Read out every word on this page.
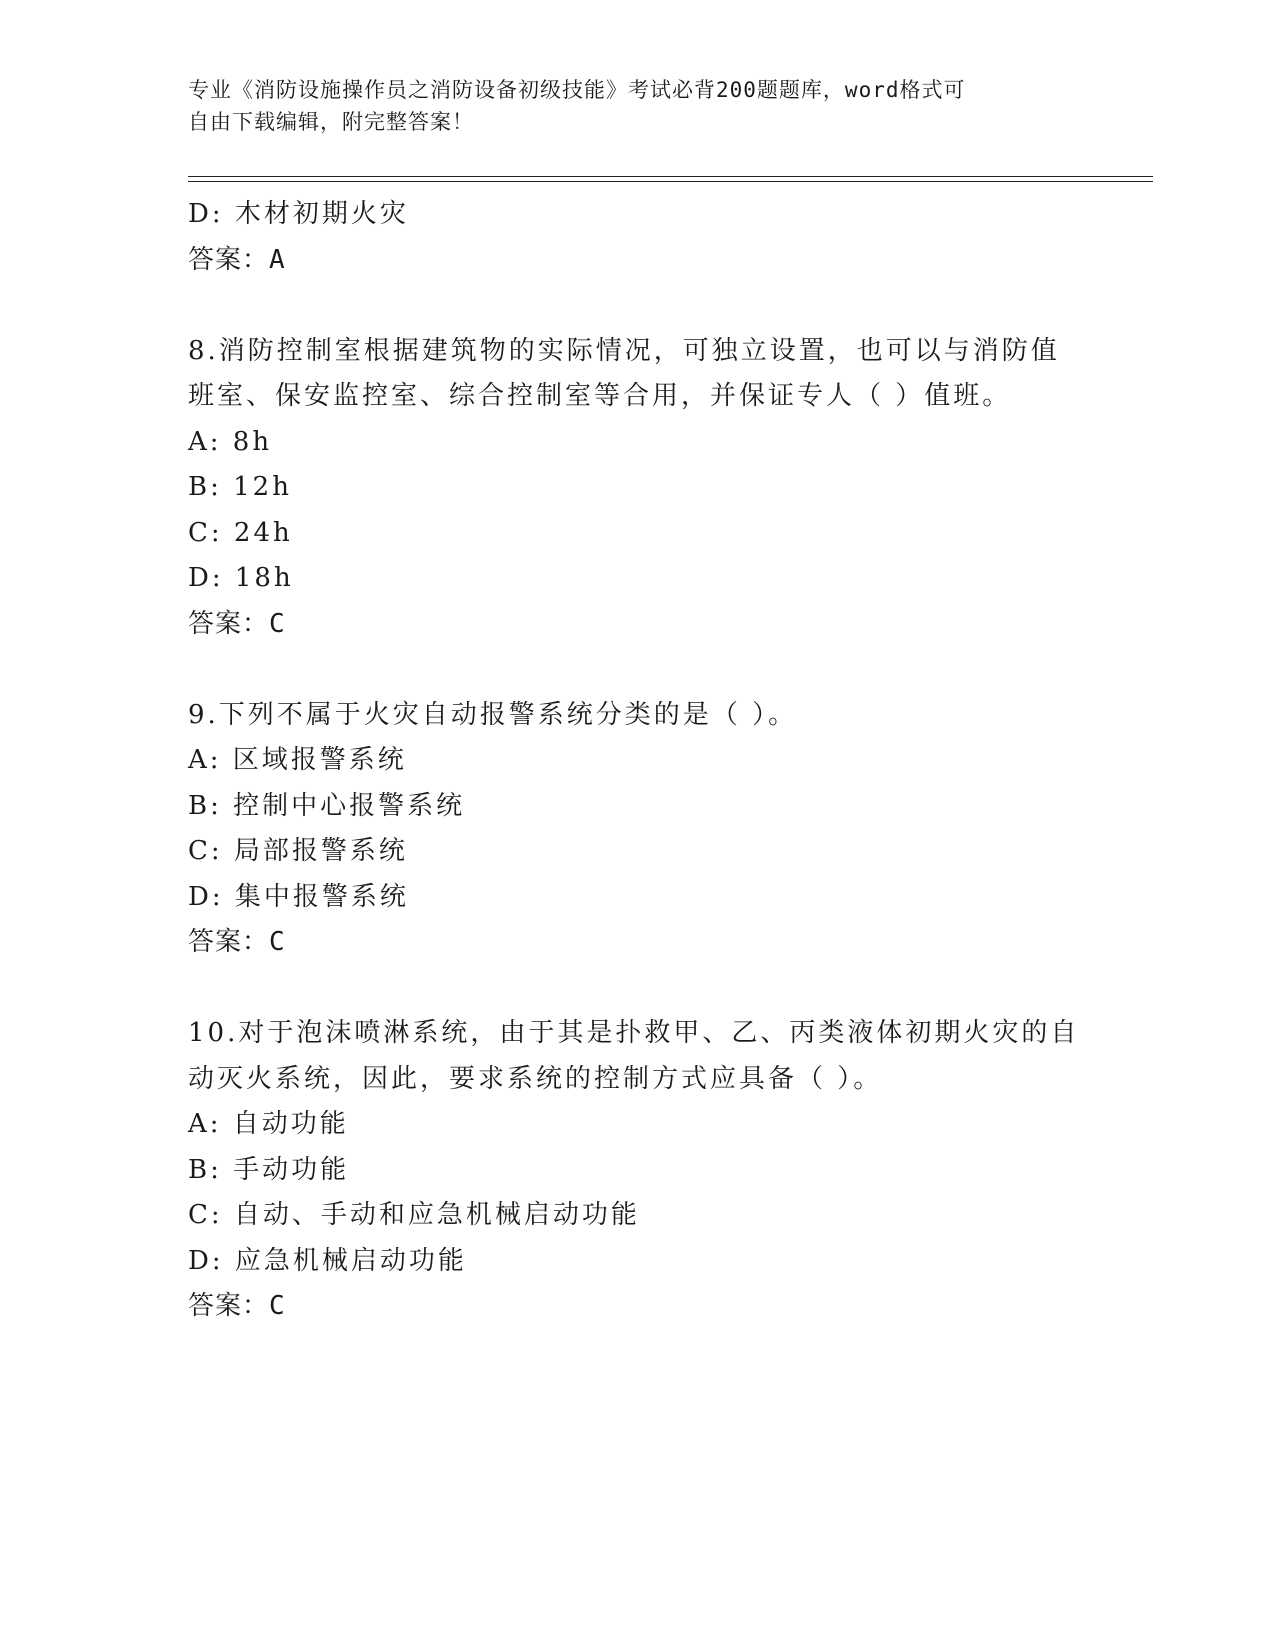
专业《消防设施操作员之消防设备初级技能》考试必背200题题库，word格式可
自由下载编辑，附完整答案！
D: 木材初期火灾
答案：A
8.消防控制室根据建筑物的实际情况，可独立设置，也可以与消防值
班室、保安监控室、综合控制室等合用，并保证专人（ ）值班。
A: 8h
B: 12h
C: 24h
D: 18h
答案：C
9.下列不属于火灾自动报警系统分类的是（ ）。
A: 区域报警系统
B: 控制中心报警系统
C: 局部报警系统
D: 集中报警系统
答案：C
10.对于泡沫喷淋系统，由于其是扑救甲、乙、丙类液体初期火灾的自
动灭火系统，因此，要求系统的控制方式应具备（ ）。
A: 自动功能
B: 手动功能
C: 自动、手动和应急机械启动功能
D: 应急机械启动功能
答案：C
